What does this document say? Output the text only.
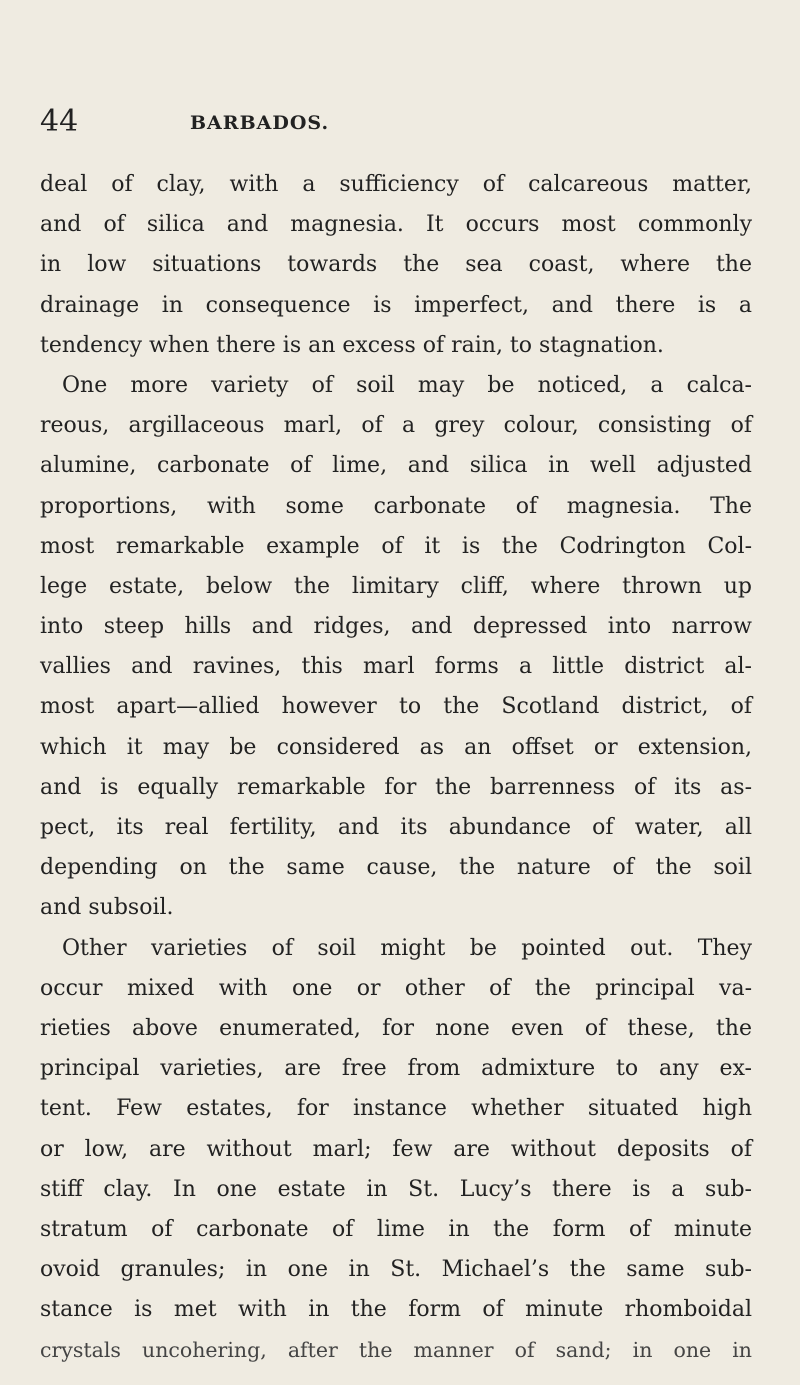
44	BARBADOS.
deal of clay, with a sufficiency of calcareous matter,
and of silica and magnesia. It occurs most commonly
in low situations towards the sea coast, where the
drainage in consequence is imperfect, and there is a
tendency when there is an excess of rain, to stagnation.
One more variety of soil may be noticed, a calca-
reous, argillaceous marl, of a grey colour, consisting of
alumine, carbonate of lime, and silica in well adjusted
proportions, with some carbonate of magnesia. The
most remarkable example of it is the Codrington Col-
lege estate, below the limitary cliff, where thrown up
into steep hills and ridges, and depressed into narrow
vallies and ravines, this marl forms a little district al-
most apart—allied however to the Scotland district, of
which it may be considered as an offset or extension,
and is equally remarkable for the barrenness of its as-
pect, its real fertility, and its abundance of water, all
depending on the same cause, the nature of the soil
and subsoil.
Other varieties of soil might be pointed out. They
occur mixed with one or other of the principal va-
rieties above enumerated, for none even of these, the
principal varieties, are free from admixture to any ex-
tent. Few estates, for instance whether situated high
or low, are without marl; few are without deposits of
stiff clay. In one estate in St. Lucy’s there is a sub-
stratum of carbonate of lime in the form of minute
ovoid granules; in one in St. Michael’s the same sub-
stance is met with in the form of minute rhomboidal
crystals uncohering, after the manner of sand; in one in
